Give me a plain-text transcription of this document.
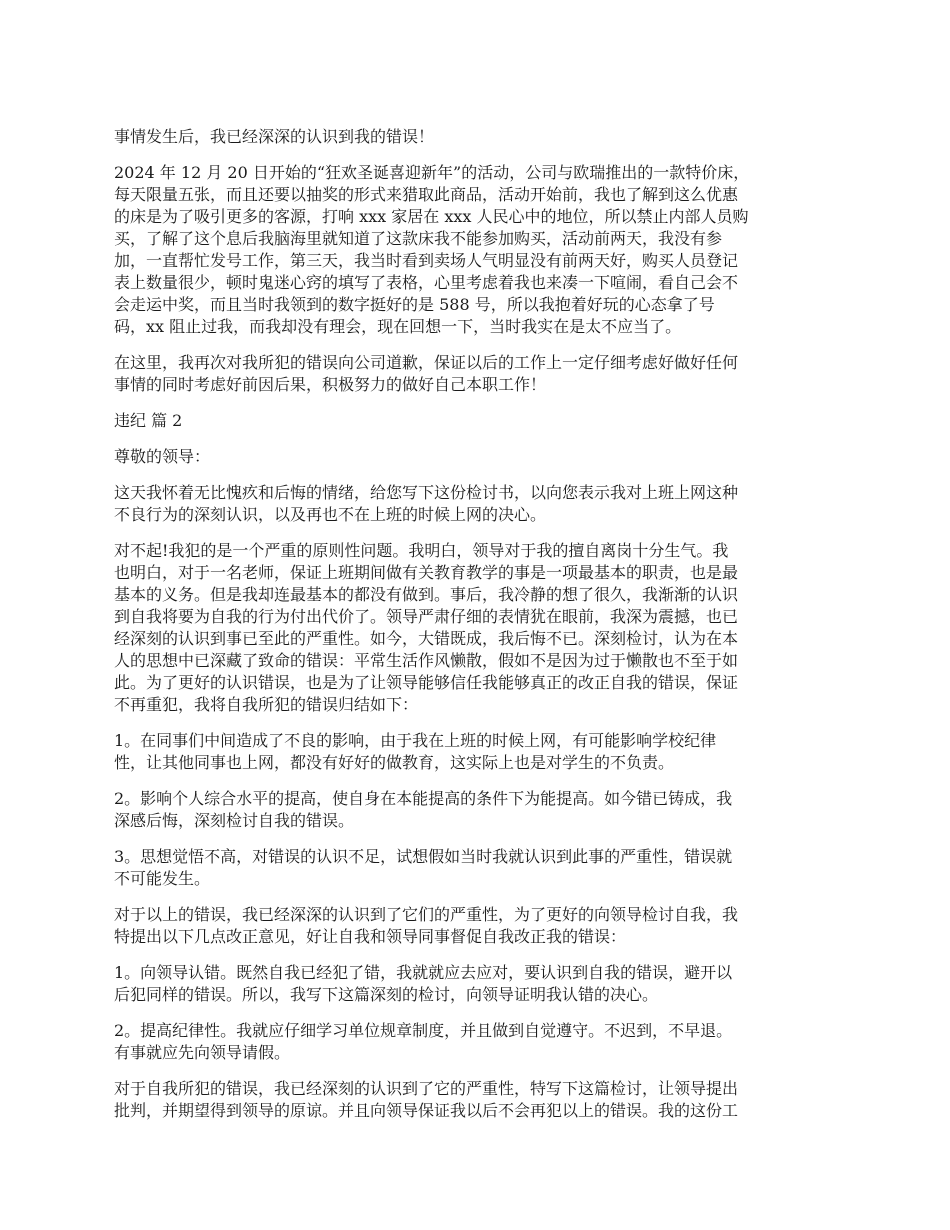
事情发生后，我已经深深的认识到我的错误！

2024 年 12 月 20 日开始的“狂欢圣诞喜迎新年”的活动，公司与欧瑞推出的一款特价床，
每天限量五张，而且还要以抽奖的形式来猎取此商品，活动开始前，我也了解到这么优惠
的床是为了吸引更多的客源，打响 xxx 家居在 xxx 人民心中的地位，所以禁止内部人员购
买，了解了这个息后我脑海里就知道了这款床我不能参加购买，活动前两天，我没有参
加，一直帮忙发号工作，第三天，我当时看到卖场人气明显没有前两天好，购买人员登记
表上数量很少，顿时鬼迷心窍的填写了表格，心里考虑着我也来凑一下喧闹，看自己会不
会走运中奖，而且当时我领到的数字挺好的是 588 号，所以我抱着好玩的心态拿了号
码，xx 阻止过我，而我却没有理会，现在回想一下，当时我实在是太不应当了。

在这里，我再次对我所犯的错误向公司道歉，保证以后的工作上一定仔细考虑好做好任何
事情的同时考虑好前因后果，积极努力的做好自己本职工作！

违纪 篇 2

尊敬的领导：

这天我怀着无比愧疚和后悔的情绪，给您写下这份检讨书，以向您表示我对上班上网这种
不良行为的深刻认识，以及再也不在上班的时候上网的决心。

对不起!我犯的是一个严重的原则性问题。我明白，领导对于我的擅自离岗十分生气。我
也明白，对于一名老师，保证上班期间做有关教育教学的事是一项最基本的职责，也是最
基本的义务。但是我却连最基本的都没有做到。事后，我冷静的想了很久，我渐渐的认识
到自我将要为自我的行为付出代价了。领导严肃仔细的表情犹在眼前，我深为震撼，也已
经深刻的认识到事已至此的严重性。如今，大错既成，我后悔不已。深刻检讨，认为在本
人的思想中已深藏了致命的错误：平常生活作风懒散，假如不是因为过于懒散也不至于如
此。为了更好的认识错误，也是为了让领导能够信任我能够真正的改正自我的错误，保证
不再重犯，我将自我所犯的错误归结如下：

1。在同事们中间造成了不良的影响，由于我在上班的时候上网，有可能影响学校纪律
性，让其他同事也上网，都没有好好的做教育，这实际上也是对学生的不负责。

2。影响个人综合水平的提高，使自身在本能提高的条件下为能提高。如今错已铸成，我
深感后悔，深刻检讨自我的错误。

3。思想觉悟不高，对错误的认识不足，试想假如当时我就认识到此事的严重性，错误就
不可能发生。

对于以上的错误，我已经深深的认识到了它们的严重性，为了更好的向领导检讨自我，我
特提出以下几点改正意见，好让自我和领导同事督促自我改正我的错误：

1。向领导认错。既然自我已经犯了错，我就就应去应对，要认识到自我的错误，避开以
后犯同样的错误。所以，我写下这篇深刻的检讨，向领导证明我认错的决心。

2。提高纪律性。我就应仔细学习单位规章制度，并且做到自觉遵守。不迟到，不早退。
有事就应先向领导请假。

对于自我所犯的错误，我已经深刻的认识到了它的严重性，特写下这篇检讨，让领导提出
批判，并期望得到领导的原谅。并且向领导保证我以后不会再犯以上的错误。我的这份工
